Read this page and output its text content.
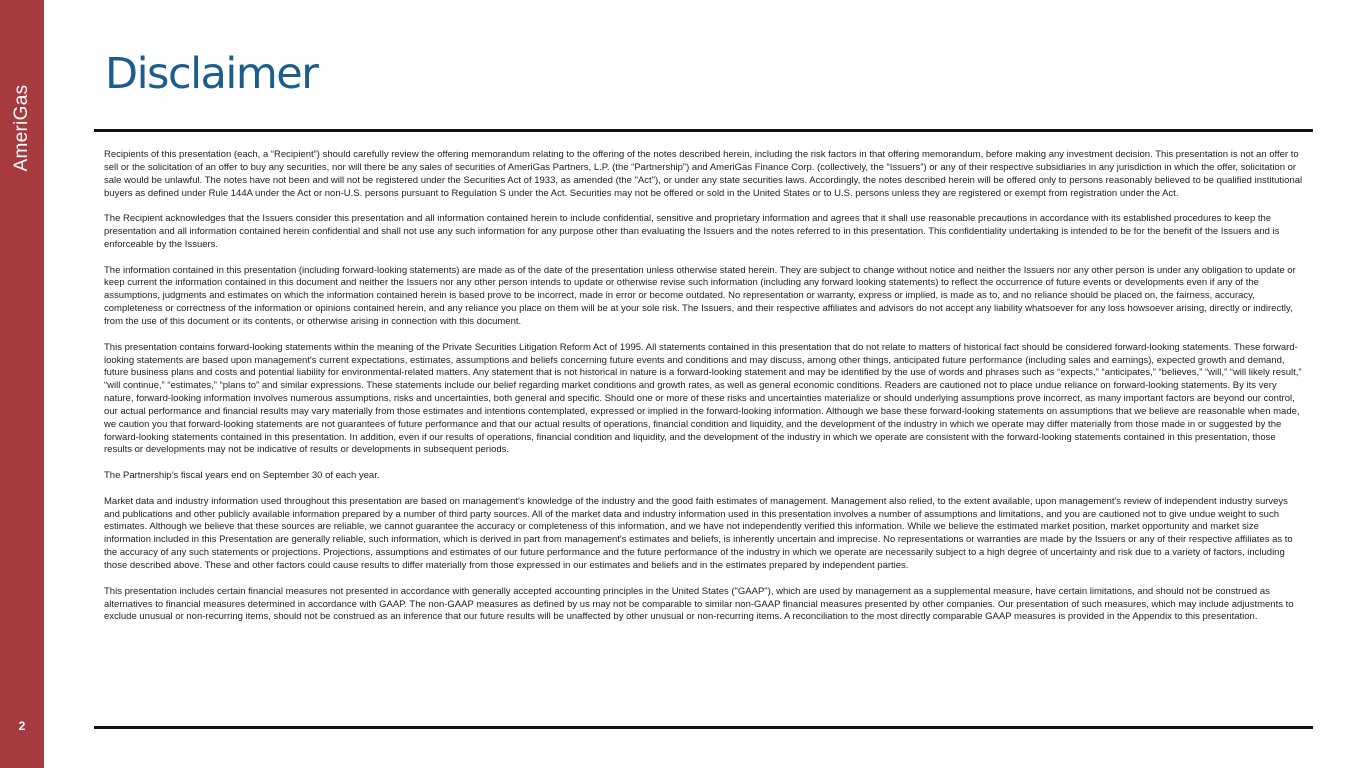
AmeriGas
2
Disclaimer

Recipients of this presentation (each, a “Recipient”) should carefully review the offering memorandum relating to the offering of the notes described herein, including the risk factors in that offering memorandum, before making any investment decision. This presentation is not an offer to sell or the solicitation of an offer to buy any securities, nor will there be any sales of securities of AmeriGas Partners, L.P. (the “Partnership”) and AmeriGas Finance Corp. (collectively, the “Issuers”) or any of their respective subsidiaries in any jurisdiction in which the offer, solicitation or sale would be unlawful. The notes have not been and will not be registered under the Securities Act of 1933, as amended (the "Act"), or under any state securities laws. Accordingly, the notes described herein will be offered only to persons reasonably believed to be qualified institutional buyers as defined under Rule 144A under the Act or non-U.S. persons pursuant to Regulation S under the Act. Securities may not be offered or sold in the United States or to U.S. persons unless they are registered or exempt from registration under the Act.

The Recipient acknowledges that the Issuers consider this presentation and all information contained herein to include confidential, sensitive and proprietary information and agrees that it shall use reasonable precautions in accordance with its established procedures to keep the presentation and all information contained herein confidential and shall not use any such information for any purpose other than evaluating the Issuers and the notes referred to in this presentation. This confidentiality undertaking is intended to be for the benefit of the Issuers and is enforceable by the Issuers.

The information contained in this presentation (including forward-looking statements) are made as of the date of the presentation unless otherwise stated herein. They are subject to change without notice and neither the Issuers nor any other person is under any obligation to update or keep current the information contained in this document and neither the Issuers nor any other person intends to update or otherwise revise such information (including any forward looking statements) to reflect the occurrence of future events or developments even if any of the assumptions, judgments and estimates on which the information contained herein is based prove to be incorrect, made in error or become outdated. No representation or warranty, express or implied, is made as to, and no reliance should be placed on, the fairness, accuracy, completeness or correctness of the information or opinions contained herein, and any reliance you place on them will be at your sole risk. The Issuers, and their respective affiliates and advisors do not accept any liability whatsoever for any loss howsoever arising, directly or indirectly, from the use of this document or its contents, or otherwise arising in connection with this document.

This presentation contains forward-looking statements within the meaning of the Private Securities Litigation Reform Act of 1995. All statements contained in this presentation that do not relate to matters of historical fact should be considered forward-looking statements. These forward-looking statements are based upon management's current expectations, estimates, assumptions and beliefs concerning future events and conditions and may discuss, among other things, anticipated future performance (including sales and earnings), expected growth and demand, future business plans and costs and potential liability for environmental-related matters. Any statement that is not historical in nature is a forward-looking statement and may be identified by the use of words and phrases such as “expects,” “anticipates,” “believes,” “will,” “will likely result,” “will continue,” “estimates,” “plans to” and similar expressions. These statements include our belief regarding market conditions and growth rates, as well as general economic conditions. Readers are cautioned not to place undue reliance on forward-looking statements. By its very nature, forward-looking information involves numerous assumptions, risks and uncertainties, both general and specific. Should one or more of these risks and uncertainties materialize or should underlying assumptions prove incorrect, as many important factors are beyond our control, our actual performance and financial results may vary materially from those estimates and intentions contemplated, expressed or implied in the forward-looking information. Although we base these forward-looking statements on assumptions that we believe are reasonable when made, we caution you that forward-looking statements are not guarantees of future performance and that our actual results of operations, financial condition and liquidity, and the development of the industry in which we operate may differ materially from those made in or suggested by the forward-looking statements contained in this presentation. In addition, even if our results of operations, financial condition and liquidity, and the development of the industry in which we operate are consistent with the forward-looking statements contained in this presentation, those results or developments may not be indicative of results or developments in subsequent periods.

The Partnership’s fiscal years end on September 30 of each year.

Market data and industry information used throughout this presentation are based on management's knowledge of the industry and the good faith estimates of management. Management also relied, to the extent available, upon management's review of independent industry surveys and publications and other publicly available information prepared by a number of third party sources. All of the market data and industry information used in this presentation involves a number of assumptions and limitations, and you are cautioned not to give undue weight to such estimates. Although we believe that these sources are reliable, we cannot guarantee the accuracy or completeness of this information, and we have not independently verified this information. While we believe the estimated market position, market opportunity and market size information included in this Presentation are generally reliable, such information, which is derived in part from management's estimates and beliefs, is inherently uncertain and imprecise. No representations or warranties are made by the Issuers or any of their respective affiliates as to the accuracy of any such statements or projections. Projections, assumptions and estimates of our future performance and the future performance of the industry in which we operate are necessarily subject to a high degree of uncertainty and risk due to a variety of factors, including those described above. These and other factors could cause results to differ materially from those expressed in our estimates and beliefs and in the estimates prepared by independent parties.

This presentation includes certain financial measures not presented in accordance with generally accepted accounting principles in the United States ("GAAP"), which are used by management as a supplemental measure, have certain limitations, and should not be construed as alternatives to financial measures determined in accordance with GAAP. The non-GAAP measures as defined by us may not be comparable to similar non-GAAP financial measures presented by other companies. Our presentation of such measures, which may include adjustments to exclude unusual or non-recurring items, should not be construed as an inference that our future results will be unaffected by other unusual or non-recurring items. A reconciliation to the most directly comparable GAAP measures is provided in the Appendix to this presentation.
